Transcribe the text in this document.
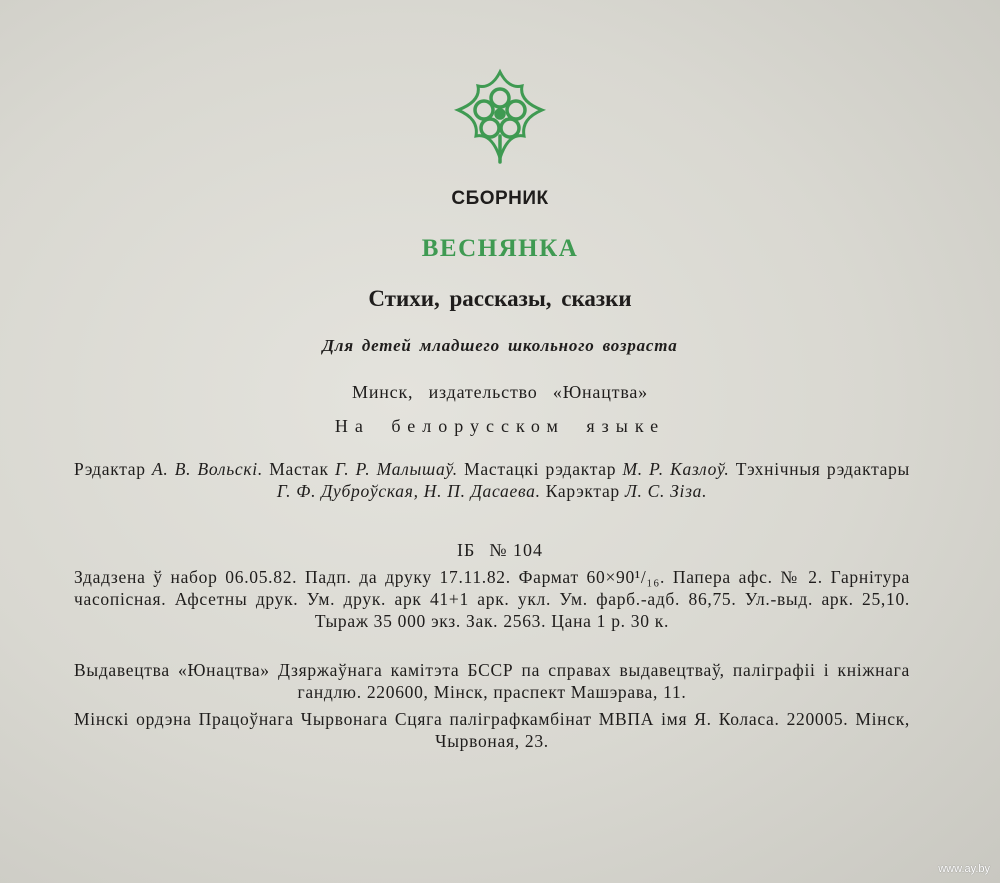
СБОРНИК
ВЕСНЯНКА
Стихи, рассказы, сказки
Для детей младшего школьного возраста
Минск, издательство «Юнацтва»
На белорусском языке
Рэдактар А. В. Вольскі. Мастак Г. Р. Малышаў. Мастацкі рэдактар М. Р. Казлоў. Тэхнічныя рэдактары Г. Ф. Дуброўская, Н. П. Дасаева. Карэктар Л. С. Зіза.
ІБ № 104
Здадзена ў набор 06.05.82. Падп. да друку 17.11.82. Фармат 60×90¹/₁₆. Папера афс. № 2. Гарнітура часопісная. Афсетны друк. Ум. друк. арк 41+1 арк. укл. Ум. фарб.-адб. 86,75. Ул.-выд. арк. 25,10. Тыраж 35 000 экз. Зак. 2563. Цана 1 р. 30 к.
Выдавецтва «Юнацтва» Дзяржаўнага камітэта БССР па справах выдавецтваў, паліграфіі і кніжнага гандлю. 220600, Мінск, праспект Машэрава, 11.
Мінскі ордэна Працоўнага Чырвонага Сцяга паліграфкамбінат МВПА імя Я. Коласа. 220005. Мінск, Чырвоная, 23.
www.ay.by
